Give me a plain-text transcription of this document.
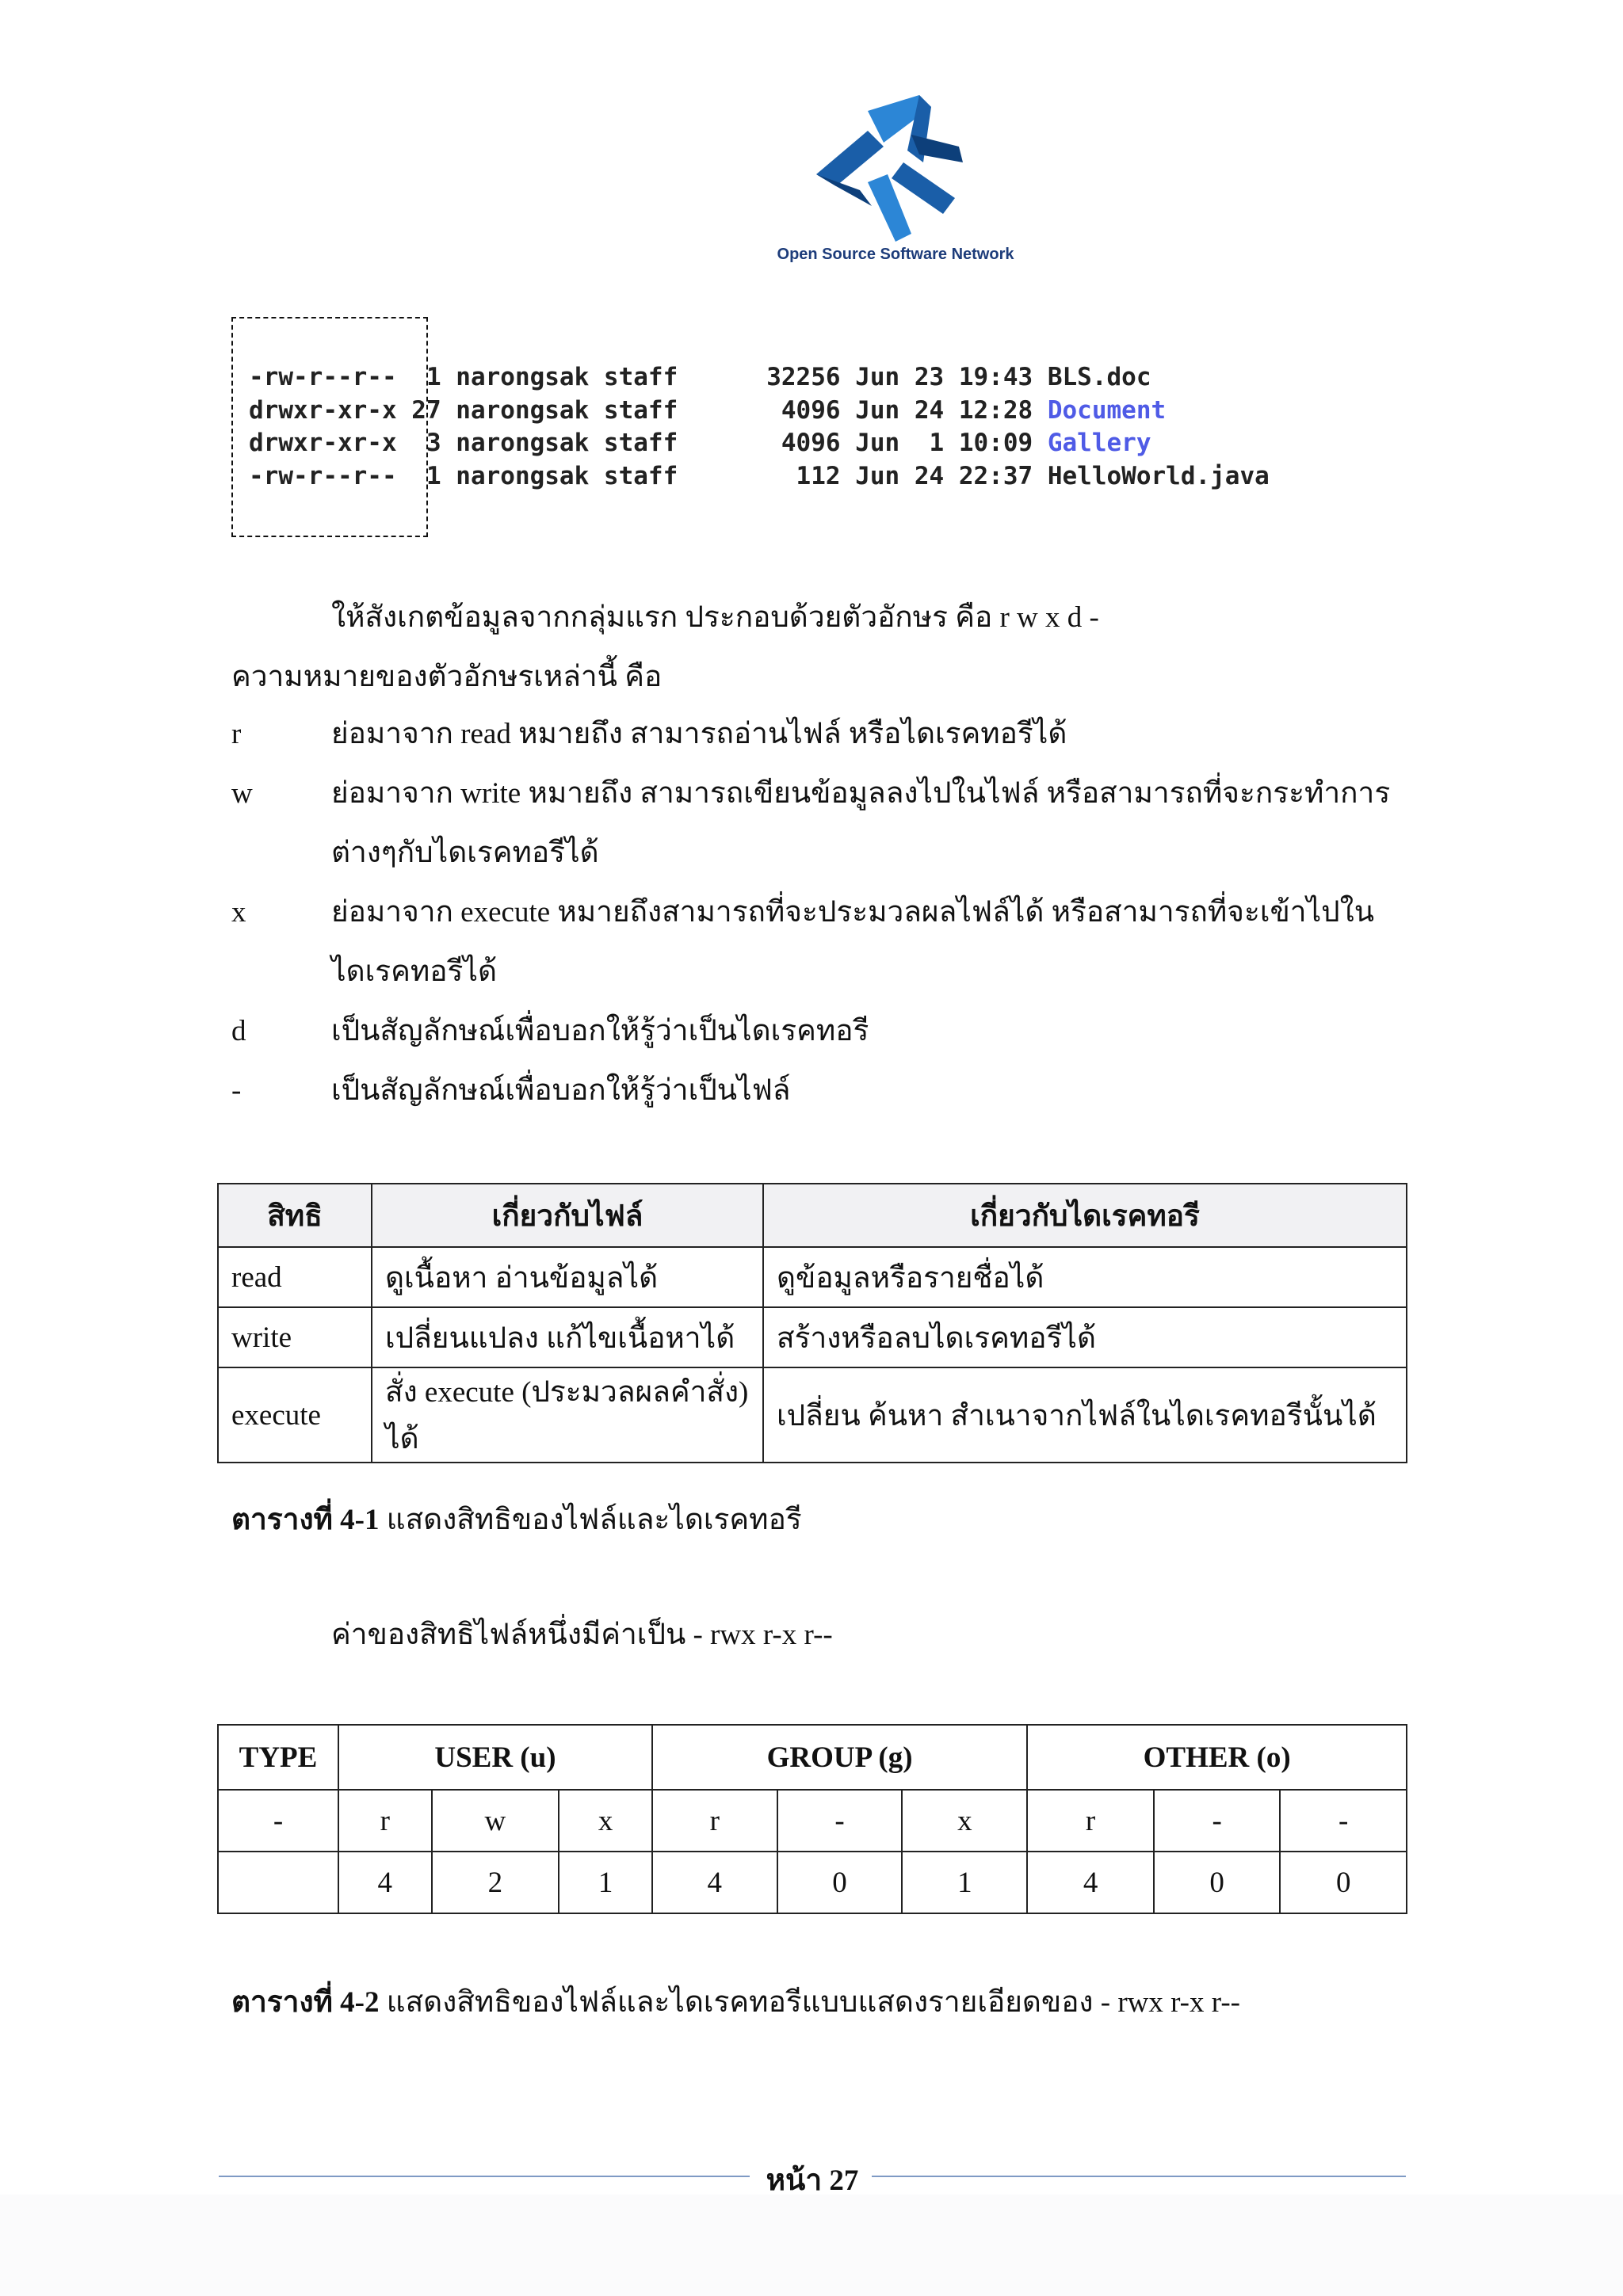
Open Source Software Network
-rw-r--r--  1 narongsak staff      32256 Jun 23 19:43 BLS.doc
drwxr-xr-x 27 narongsak staff       4096 Jun 24 12:28 Document
drwxr-xr-x  3 narongsak staff       4096 Jun  1 10:09 Gallery
-rw-r--r--  1 narongsak staff        112 Jun 24 22:37 HelloWorld.java
ให้สังเกตข้อมูลจากกลุ่มแรก ประกอบด้วยตัวอักษร คือ r w x d -
ความหมายของตัวอักษรเหล่านี้ คือ
r	ย่อมาจาก read หมายถึง สามารถอ่านไฟล์ หรือไดเรคทอรีได้
w	ย่อมาจาก write หมายถึง สามารถเขียนข้อมูลลงไปในไฟล์ หรือสามารถที่จะกระทำการ
ต่างๆกับไดเรคทอรีได้
x	ย่อมาจาก execute หมายถึงสามารถที่จะประมวลผลไฟล์ได้ หรือสามารถที่จะเข้าไปใน
ไดเรคทอรีได้
d	เป็นสัญลักษณ์เพื่อบอกให้รู้ว่าเป็นไดเรคทอรี
-	เป็นสัญลักษณ์เพื่อบอกให้รู้ว่าเป็นไฟล์
สิทธิ	เกี่ยวกับไฟล์	เกี่ยวกับไดเรคทอรี
read	ดูเนื้อหา อ่านข้อมูลได้	ดูข้อมูลหรือรายชื่อได้
write	เปลี่ยนแปลง แก้ไขเนื้อหาได้	สร้างหรือลบไดเรคทอรีได้
execute	สั่ง execute (ประมวลผลคำสั่ง) ได้	เปลี่ยน ค้นหา สำเนาจากไฟล์ในไดเรคทอรีนั้นได้
ตารางที่ 4-1 แสดงสิทธิของไฟล์และไดเรคทอรี
ค่าของสิทธิไฟล์หนึ่งมีค่าเป็น - rwx r-x r--
TYPE	USER (u)			GROUP (g)			OTHER (o)		
-	r	w	x	r	-	x	r	-	-
	4	2	1	4	0	1	4	0	0
ตารางที่ 4-2 แสดงสิทธิของไฟล์และไดเรคทอรีแบบแสดงรายเอียดของ - rwx r-x r--
หน้า 27
